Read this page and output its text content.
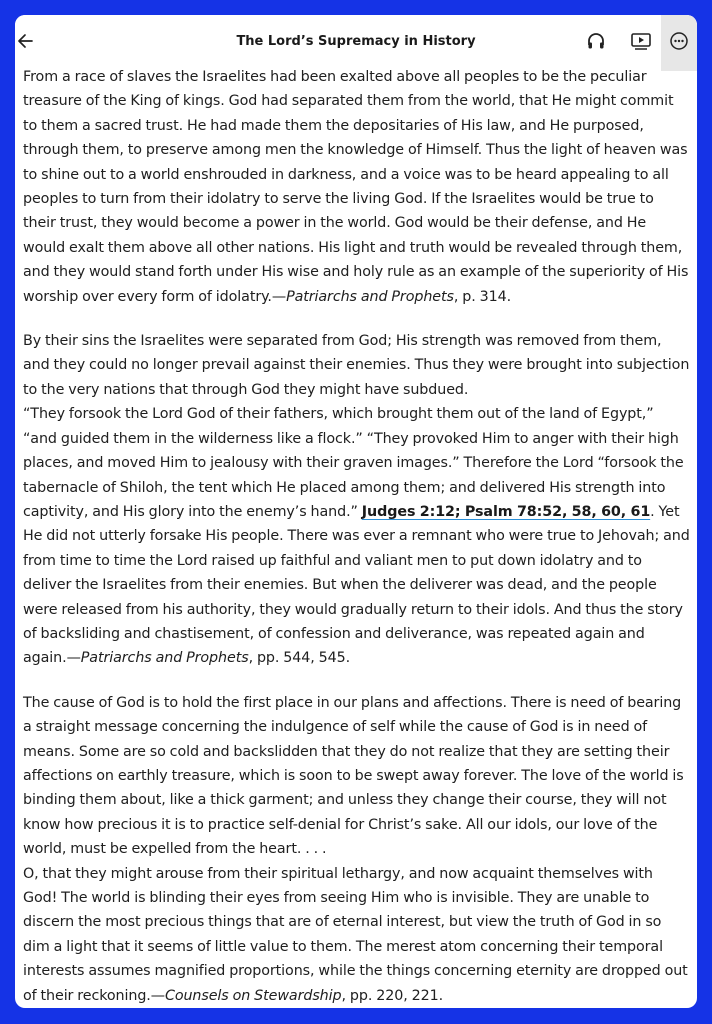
The Lord’s Supremacy in History

From a race of slaves the Israelites had been exalted above all peoples to be the peculiar treasure of the King of kings. God had separated them from the world, that He might commit to them a sacred trust. He had made them the depositaries of His law, and He purposed, through them, to preserve among men the knowledge of Himself. Thus the light of heaven was to shine out to a world enshrouded in darkness, and a voice was to be heard appealing to all peoples to turn from their idolatry to serve the living God. If the Israelites would be true to their trust, they would become a power in the world. God would be their defense, and He would exalt them above all other nations. His light and truth would be revealed through them, and they would stand forth under His wise and holy rule as an example of the superiority of His worship over every form of idolatry.—Patriarchs and Prophets, p. 314.

By their sins the Israelites were separated from God; His strength was removed from them, and they could no longer prevail against their enemies. Thus they were brought into subjection to the very nations that through God they might have subdued.

“They forsook the Lord God of their fathers, which brought them out of the land of Egypt,” “and guided them in the wilderness like a flock.” “They provoked Him to anger with their high places, and moved Him to jealousy with their graven images.” Therefore the Lord “forsook the tabernacle of Shiloh, the tent which He placed among them; and delivered His strength into captivity, and His glory into the enemy’s hand.” Judges 2:12; Psalm 78:52, 58, 60, 61. Yet He did not utterly forsake His people. There was ever a remnant who were true to Jehovah; and from time to time the Lord raised up faithful and valiant men to put down idolatry and to deliver the Israelites from their enemies. But when the deliverer was dead, and the people were released from his authority, they would gradually return to their idols. And thus the story of backsliding and chastisement, of confession and deliverance, was repeated again and again.—Patriarchs and Prophets, pp. 544, 545.

The cause of God is to hold the first place in our plans and affections. There is need of bearing a straight message concerning the indulgence of self while the cause of God is in need of means. Some are so cold and backslidden that they do not realize that they are setting their affections on earthly treasure, which is soon to be swept away forever. The love of the world is binding them about, like a thick garment; and unless they change their course, they will not know how precious it is to practice self-denial for Christ’s sake. All our idols, our love of the world, must be expelled from the heart. . . .

O, that they might arouse from their spiritual lethargy, and now acquaint themselves with God! The world is blinding their eyes from seeing Him who is invisible. They are unable to discern the most precious things that are of eternal interest, but view the truth of God in so dim a light that it seems of little value to them. The merest atom concerning their temporal interests assumes magnified proportions, while the things concerning eternity are dropped out of their reckoning.—Counsels on Stewardship, pp. 220, 221.
